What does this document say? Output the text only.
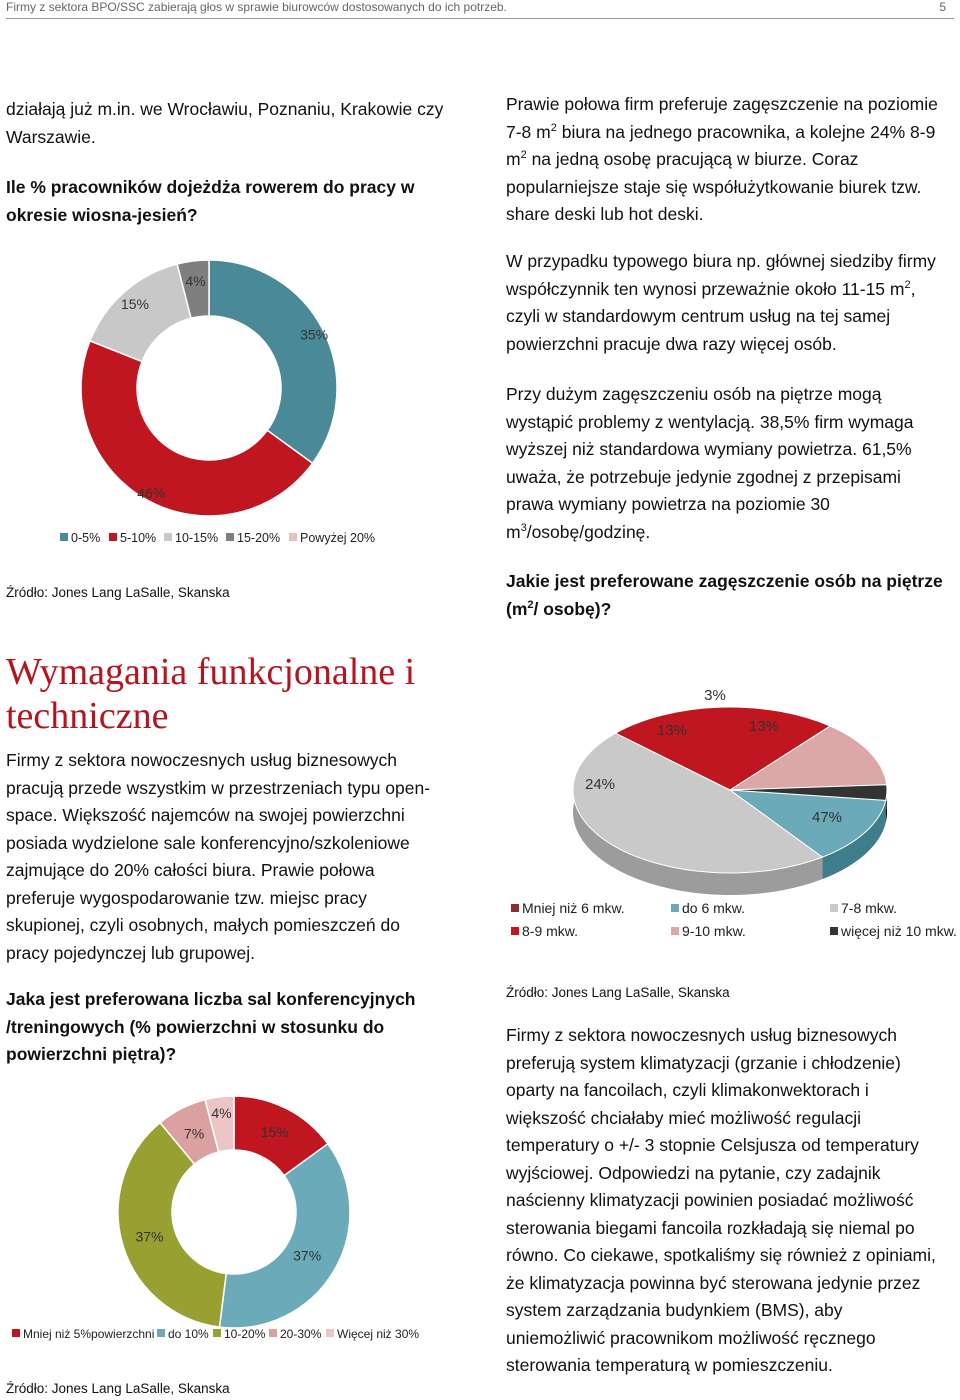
Firmy z sektora BPO/SSC zabierają głos w sprawie biurowców dostosowanych do ich potrzeb.	5
działają już m.in. we Wrocławiu, Poznaniu, Krakowie czy Warszawie.
Ile % pracowników dojeżdża rowerem do pracy w okresie wiosna-jesień?
Źródło: Jones Lang LaSalle, Skanska
Wymagania funkcjonalne i techniczne
Firmy z sektora nowoczesnych usług biznesowych pracują przede wszystkim w przestrzeniach typu open-space. Większość najemców na swojej powierzchni posiada wydzielone sale konferencyjno/szkoleniowe zajmujące do 20% całości biura. Prawie połowa preferuje wygospodarowanie tzw. miejsc pracy skupionej, czyli osobnych, małych pomieszczeń do pracy pojedynczej lub grupowej.
Jaka jest preferowana liczba sal konferencyjnych /treningowych (% powierzchni w stosunku do powierzchni piętra)?
Źródło: Jones Lang LaSalle, Skanska
Prawie połowa firm preferuje zagęszczenie na poziomie 7-8 $m^2$ biura na jednego pracownika, a kolejne 24% 8-9 $m^2$ na jedną osobę pracującą w biurze. Coraz popularniejsze staje się współużytkowanie biurek tzw. share deski lub hot deski.
W przypadku typowego biura np. głównej siedziby firmy współczynnik ten wynosi przeważnie około 11-15 $m^2$, czyli w standardowym centrum usług na tej samej powierzchni pracuje dwa razy więcej osób.
Przy dużym zagęszczeniu osób na piętrze mogą wystąpić problemy z wentylacją. 38,5% firm wymaga wyższej niż standardowa wymiany powietrza. 61,5% uważa, że potrzebuje jedynie zgodnej z przepisami prawa wymiany powietrza na poziomie 30 $m^3/osobę$/godzinę.
Jakie jest preferowane zagęszczenie osób na piętrze ($m^2/$ osobę)?
Źródło: Jones Lang LaSalle, Skanska
Firmy z sektora nowoczesnych usług biznesowych preferują system klimatyzacji (grzanie i chłodzenie) oparty na fancoilach, czyli klimakonwektorach i większość chciałaby mieć możliwość regulacji temperatury o +/- 3 stopnie Celsjusza od temperatury wyjściowej. Odpowiedzi na pytanie, czy zadajnik naścienny klimatyzacji powinien posiadać możliwość sterowania biegami fancoila rozkładają się niemal po równo. Co ciekawe, spotkaliśmy się również z opiniami, że klimatyzacja powinna być sterowana jedynie przez system zarządzania budynkiem (BMS), aby uniemożliwić pracownikom możliwość ręcznego sterowania temperaturą w pomieszczeniu.
35%
46%
15%
4%
0-5% 5-10% 10-15% 15-20% Powyżej 20%
13%
47%
24%
13%
3%
Mniej niż 6 mkw.	do 6 mkw.	7-8 mkw.
8-9 mkw.	9-10 mkw.	więcej niż 10 mkw.
15%
37%
37%
7%
4%
Mniej niż 5%powierzchni do 10% 10-20% 20-30% Więcej niż 30%
